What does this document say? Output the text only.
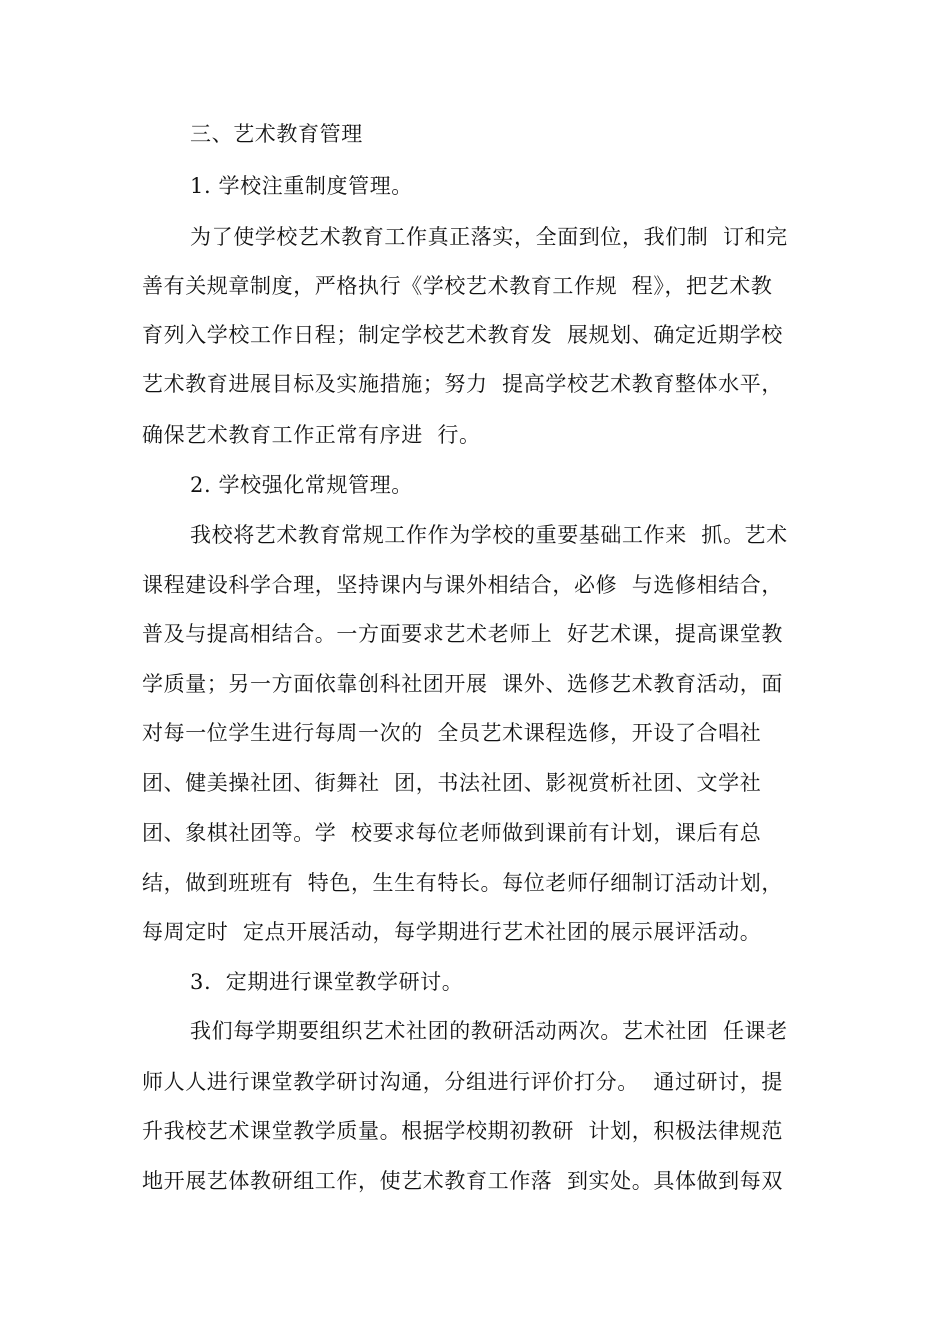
三、艺术教育管理
1. 学校注重制度管理。
为了使学校艺术教育工作真正落实，全面到位，我们制  订和完
善有关规章制度，严格执行《学校艺术教育工作规  程》，把艺术教
育列入学校工作日程；制定学校艺术教育发  展规划、确定近期学校
艺术教育进展目标及实施措施；努力  提高学校艺术教育整体水平，
确保艺术教育工作正常有序进  行。
2. 学校强化常规管理。
我校将艺术教育常规工作作为学校的重要基础工作来  抓。艺术
课程建设科学合理，坚持课内与课外相结合，必修  与选修相结合，
普及与提高相结合。一方面要求艺术老师上  好艺术课，提高课堂教
学质量；另一方面依靠创科社团开展  课外、选修艺术教育活动，面
对每一位学生进行每周一次的  全员艺术课程选修，开设了合唱社
团、健美操社团、街舞社  团，书法社团、影视赏析社团、文学社
团、象棋社团等。学  校要求每位老师做到课前有计划，课后有总
结，做到班班有  特色，生生有特长。每位老师仔细制订活动计划，
每周定时  定点开展活动，每学期进行艺术社团的展示展评活动。
3.  定期进行课堂教学研讨。
我们每学期要组织艺术社团的教研活动两次。艺术社团  任课老
师人人进行课堂教学研讨沟通，分组进行评价打分。  通过研讨，提
升我校艺术课堂教学质量。根据学校期初教研  计划，积极法律规范
地开展艺体教研组工作，使艺术教育工作落  到实处。具体做到每双
